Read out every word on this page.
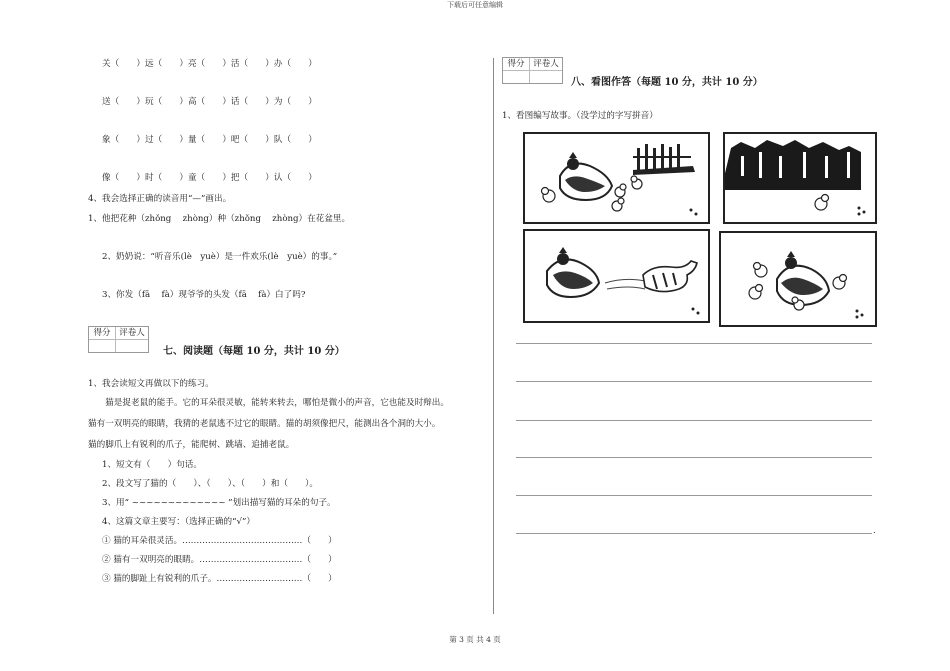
下载后可任意编辑
第 3 页 共 4 页
关（　　）远（　　）亮（　　）活（　　）办（　　）
送（　　）玩（　　）高（　　）话（　　）为（　　）
象（　　）过（　　）量（　　）吧（　　）队（　　）
像（　　）时（　　）童（　　）把（　　）认（　　）
4、我会选择正确的读音用“—”画出。
1、他把花种（zhǒng　 zhòng）种（zhǒng　 zhòng）在花盆里。
2、奶奶说：“听音乐(lè　yuè）是一件欢乐(lè　yuè）的事。”
3、你发（fā　 fà）现爷爷的头发（fā　 fà）白了吗?
得分	评卷人
七、阅读题（每题 10 分，共计 10 分）
1、我会读短文再做以下的练习。
　　猫是捉老鼠的能手。它的耳朵很灵敏，能转来转去，哪怕是微小的声音，它也能及时辩出。
猫有一双明亮的眼睛，我猜的老鼠逃不过它的眼睛。猫的胡须像把尺，能测出各个洞的大小。
猫的脚爪上有锐利的爪子，能爬树、跳墙、追捕老鼠。
1、短文有（　　）句话。
2、段文写了猫的（　　）、（　　）、（　　）和（　　）。
3、用“ ~~~~~~~~~~~~~ ”划出描写猫的耳朵的句子。
4、这篇文章主要写：（选择正确的“√”）
① 猫的耳朵很灵活。……………………………………（　　）
② 猫有一双明亮的眼睛。………………………………（　　）
③ 猫的脚趾上有锐利的爪子。…………………………（　　）
得分	评卷人
八、看图作答（每题 10 分，共计 10 分）
1、看图编写故事。（没学过的字写拼音）
.
